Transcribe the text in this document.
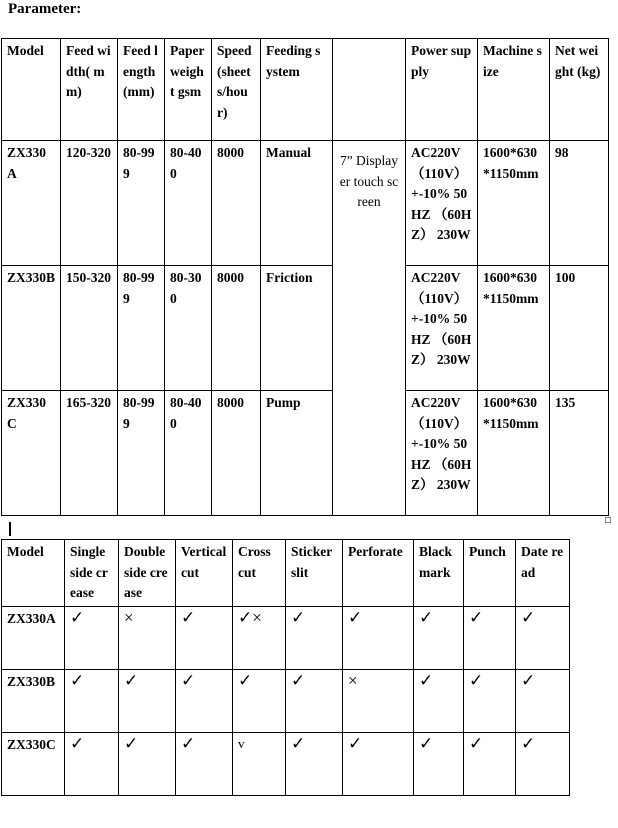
Parameter:
Model	Feed width( mm)	Feed length(mm)	Paper weight gsm	Speed(sheets/hour)	Feeding system		Power supply	Machine size	Net weight (kg)
ZX330A	120-320	80-999	80-400	8000	Manual	7” Displayer touch screen	AC220V （110V） +-10% 50HZ （60HZ） 230W	1600*630 *1150mm	98
ZX330B	150-320	80-999	80-300	8000	Friction		AC220V （110V） +-10% 50HZ （60HZ） 230W	1600*630 *1150mm	100
ZX330C	165-320	80-999	80-400	8000	Pump		AC220V （110V） +-10% 50HZ （60HZ） 230W	1600*630 *1150mm	135
Model	Single side crease	Double side crease	Vertical cut	Cross cut	Sticker slit	Perforate	Black mark	Punch	Date read
ZX330A	✓	×	✓	✓×	✓	✓	✓	✓	✓
ZX330B	✓	✓	✓	✓	✓	×	✓	✓	✓
ZX330C	✓	✓	✓	v	✓	✓	✓	✓	✓
